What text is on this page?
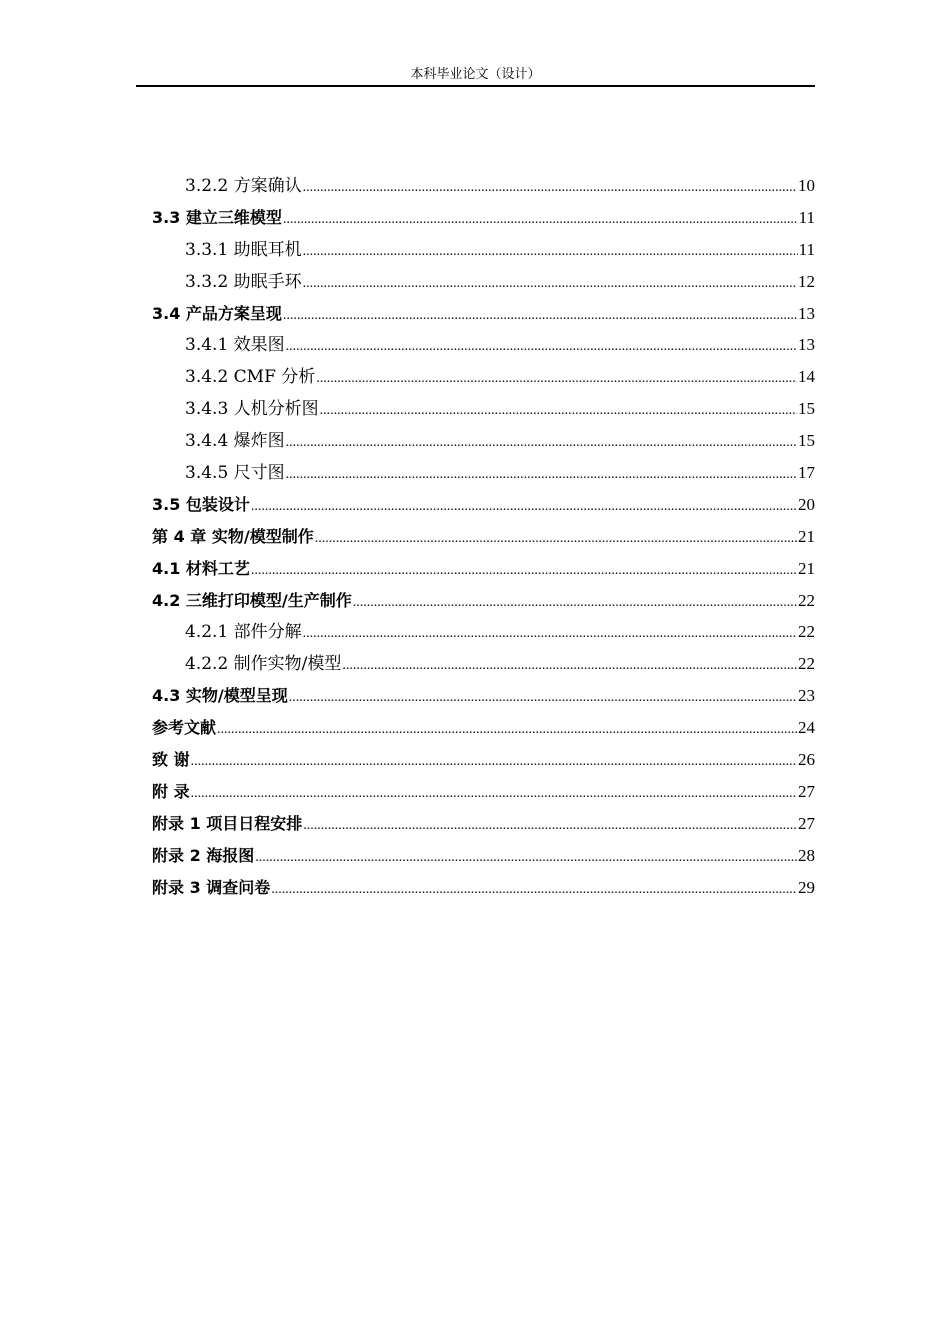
本科毕业论文（设计）
3.2.2 方案确认 .....	10
3.3 建立三维模型 .....	11
3.3.1 助眠耳机 .....	11
3.3.2 助眠手环 .....	12
3.4 产品方案呈现 .....	13
3.4.1 效果图 .....	13
3.4.2 CMF 分析 .....	14
3.4.3 人机分析图 .....	15
3.4.4 爆炸图 .....	15
3.4.5 尺寸图 .....	17
3.5 包装设计 .....	20
第 4 章 实物/模型制作 .....	21
4.1 材料工艺 .....	21
4.2 三维打印模型/生产制作 .....	22
4.2.1 部件分解 .....	22
4.2.2 制作实物/模型 .....	22
4.3 实物/模型呈现 .....	23
参考文献 .....	24
致 谢 .....	26
附 录 .....	27
附录 1 项目日程安排 .....	27
附录 2 海报图 .....	28
附录 3 调查问卷 .....	29
